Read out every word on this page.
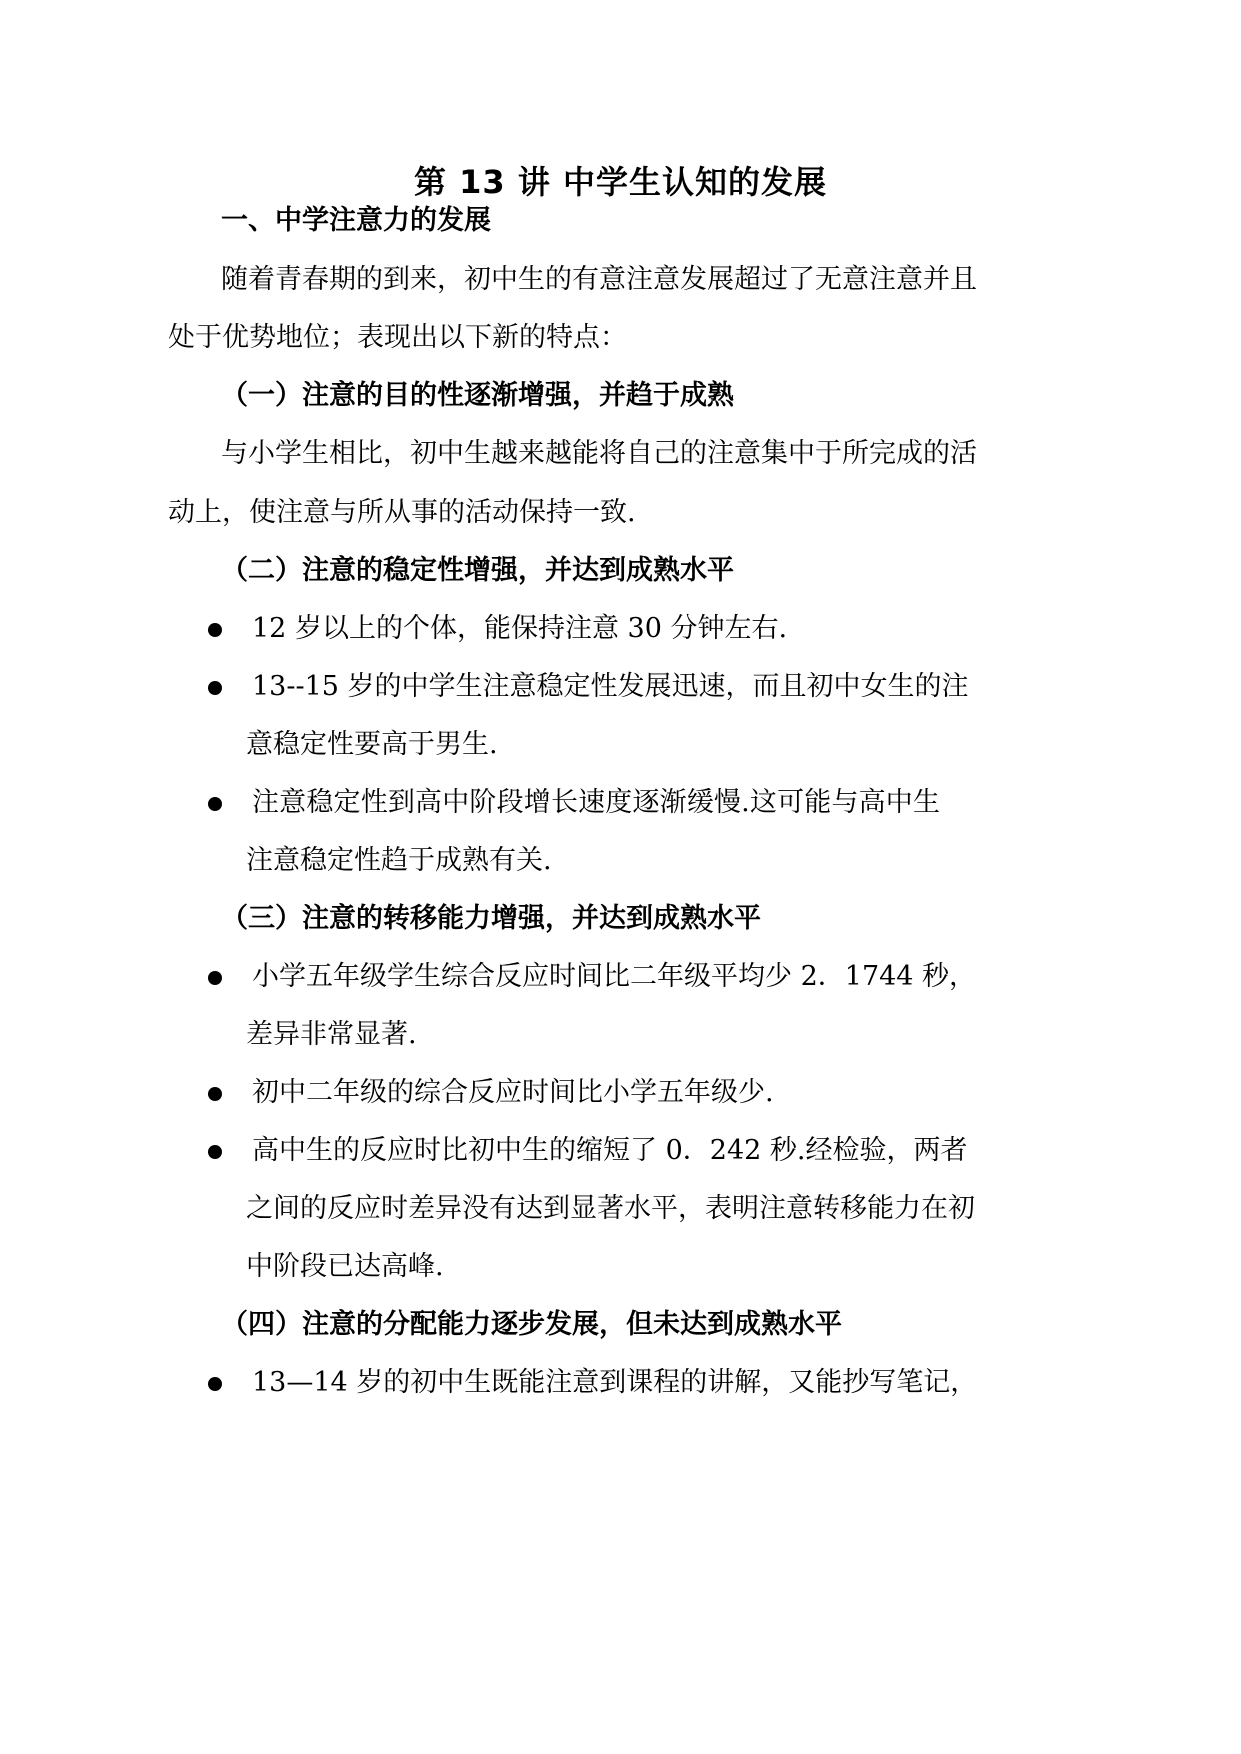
第 13 讲 中学生认知的发展
一、中学注意力的发展
随着青春期的到来，初中生的有意注意发展超过了无意注意并且
处于优势地位；表现出以下新的特点：
（一）注意的目的性逐渐增强，并趋于成熟
与小学生相比，初中生越来越能将自己的注意集中于所完成的活
动上，使注意与所从事的活动保持一致.
（二）注意的稳定性增强，并达到成熟水平
12 岁以上的个体，能保持注意 30 分钟左右.
13--15 岁的中学生注意稳定性发展迅速，而且初中女生的注
意稳定性要高于男生.
注意稳定性到高中阶段增长速度逐渐缓慢.这可能与高中生
注意稳定性趋于成熟有关.
（三）注意的转移能力增强，并达到成熟水平
小学五年级学生综合反应时间比二年级平均少 2．1744 秒，
差异非常显著.
初中二年级的综合反应时间比小学五年级少.
高中生的反应时比初中生的缩短了 0．242 秒.经检验，两者
之间的反应时差异没有达到显著水平，表明注意转移能力在初
中阶段已达高峰.
（四）注意的分配能力逐步发展，但未达到成熟水平
13—14 岁的初中生既能注意到课程的讲解，又能抄写笔记，
